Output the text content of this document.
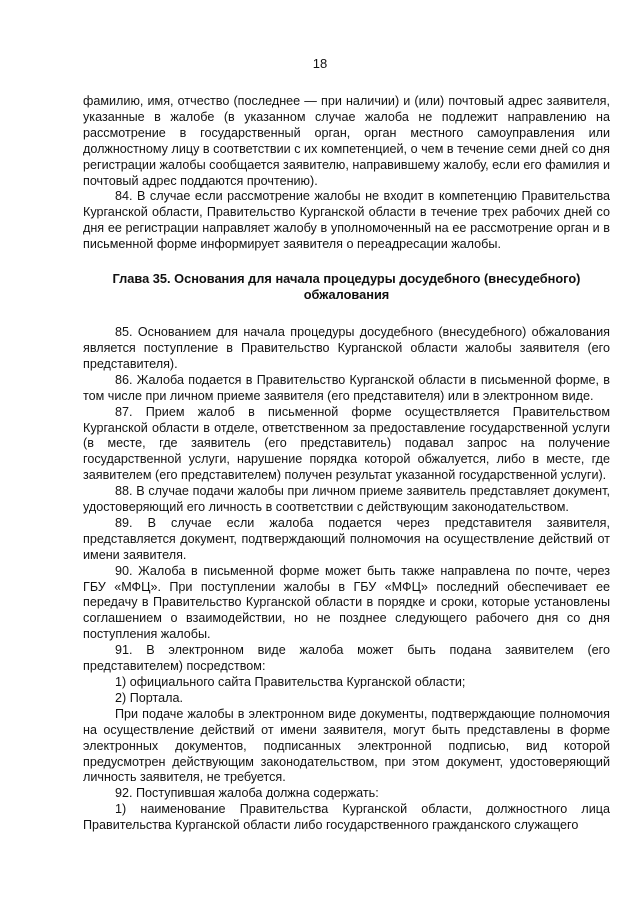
18

фамилию, имя, отчество (последнее — при наличии) и (или) почтовый адрес заявителя, указанные в жалобе (в указанном случае жалоба не подлежит направлению на рассмотрение в государственный орган, орган местного самоуправления или должностному лицу в соответствии с их компетенцией, о чем в течение семи дней со дня регистрации жалобы сообщается заявителю, направившему жалобу, если его фамилия и почтовый адрес поддаются прочтению).

84. В случае если рассмотрение жалобы не входит в компетенцию Правительства Курганской области, Правительство Курганской области в течение трех рабочих дней со дня ее регистрации направляет жалобу в уполномоченный на ее рассмотрение орган и в письменной форме информирует заявителя о переадресации жалобы.

Глава 35. Основания для начала процедуры досудебного (внесудебного)
обжалования

85. Основанием для начала процедуры досудебного (внесудебного) обжалования является поступление в Правительство Курганской области жалобы заявителя (его представителя).

86. Жалоба подается в Правительство Курганской области в письменной форме, в том числе при личном приеме заявителя (его представителя) или в электронном виде.

87. Прием жалоб в письменной форме осуществляется Правительством Курганской области в отделе, ответственном за предоставление государственной услуги (в месте, где заявитель (его представитель) подавал запрос на получение государственной услуги, нарушение порядка которой обжалуется, либо в месте, где заявителем (его представителем) получен результат указанной государственной услуги).

88. В случае подачи жалобы при личном приеме заявитель представляет документ, удостоверяющий его личность в соответствии с действующим законодательством.

89. В случае если жалоба подается через представителя заявителя, представляется документ, подтверждающий полномочия на осуществление действий от имени заявителя.

90. Жалоба в письменной форме может быть также направлена по почте, через ГБУ «МФЦ». При поступлении жалобы в ГБУ «МФЦ» последний обеспечивает ее передачу в Правительство Курганской области в порядке и сроки, которые установлены соглашением о взаимодействии, но не позднее следующего рабочего дня со дня поступления жалобы.

91. В электронном виде жалоба может быть подана заявителем (его представителем) посредством:

1) официального сайта Правительства Курганской области;

2) Портала.

При подаче жалобы в электронном виде документы, подтверждающие полномочия на осуществление действий от имени заявителя, могут быть представлены в форме электронных документов, подписанных электронной подписью, вид которой предусмотрен действующим законодательством, при этом документ, удостоверяющий личность заявителя, не требуется.

92. Поступившая жалоба должна содержать:

1) наименование Правительства Курганской области, должностного лица Правительства Курганской области либо государственного гражданского служащего
